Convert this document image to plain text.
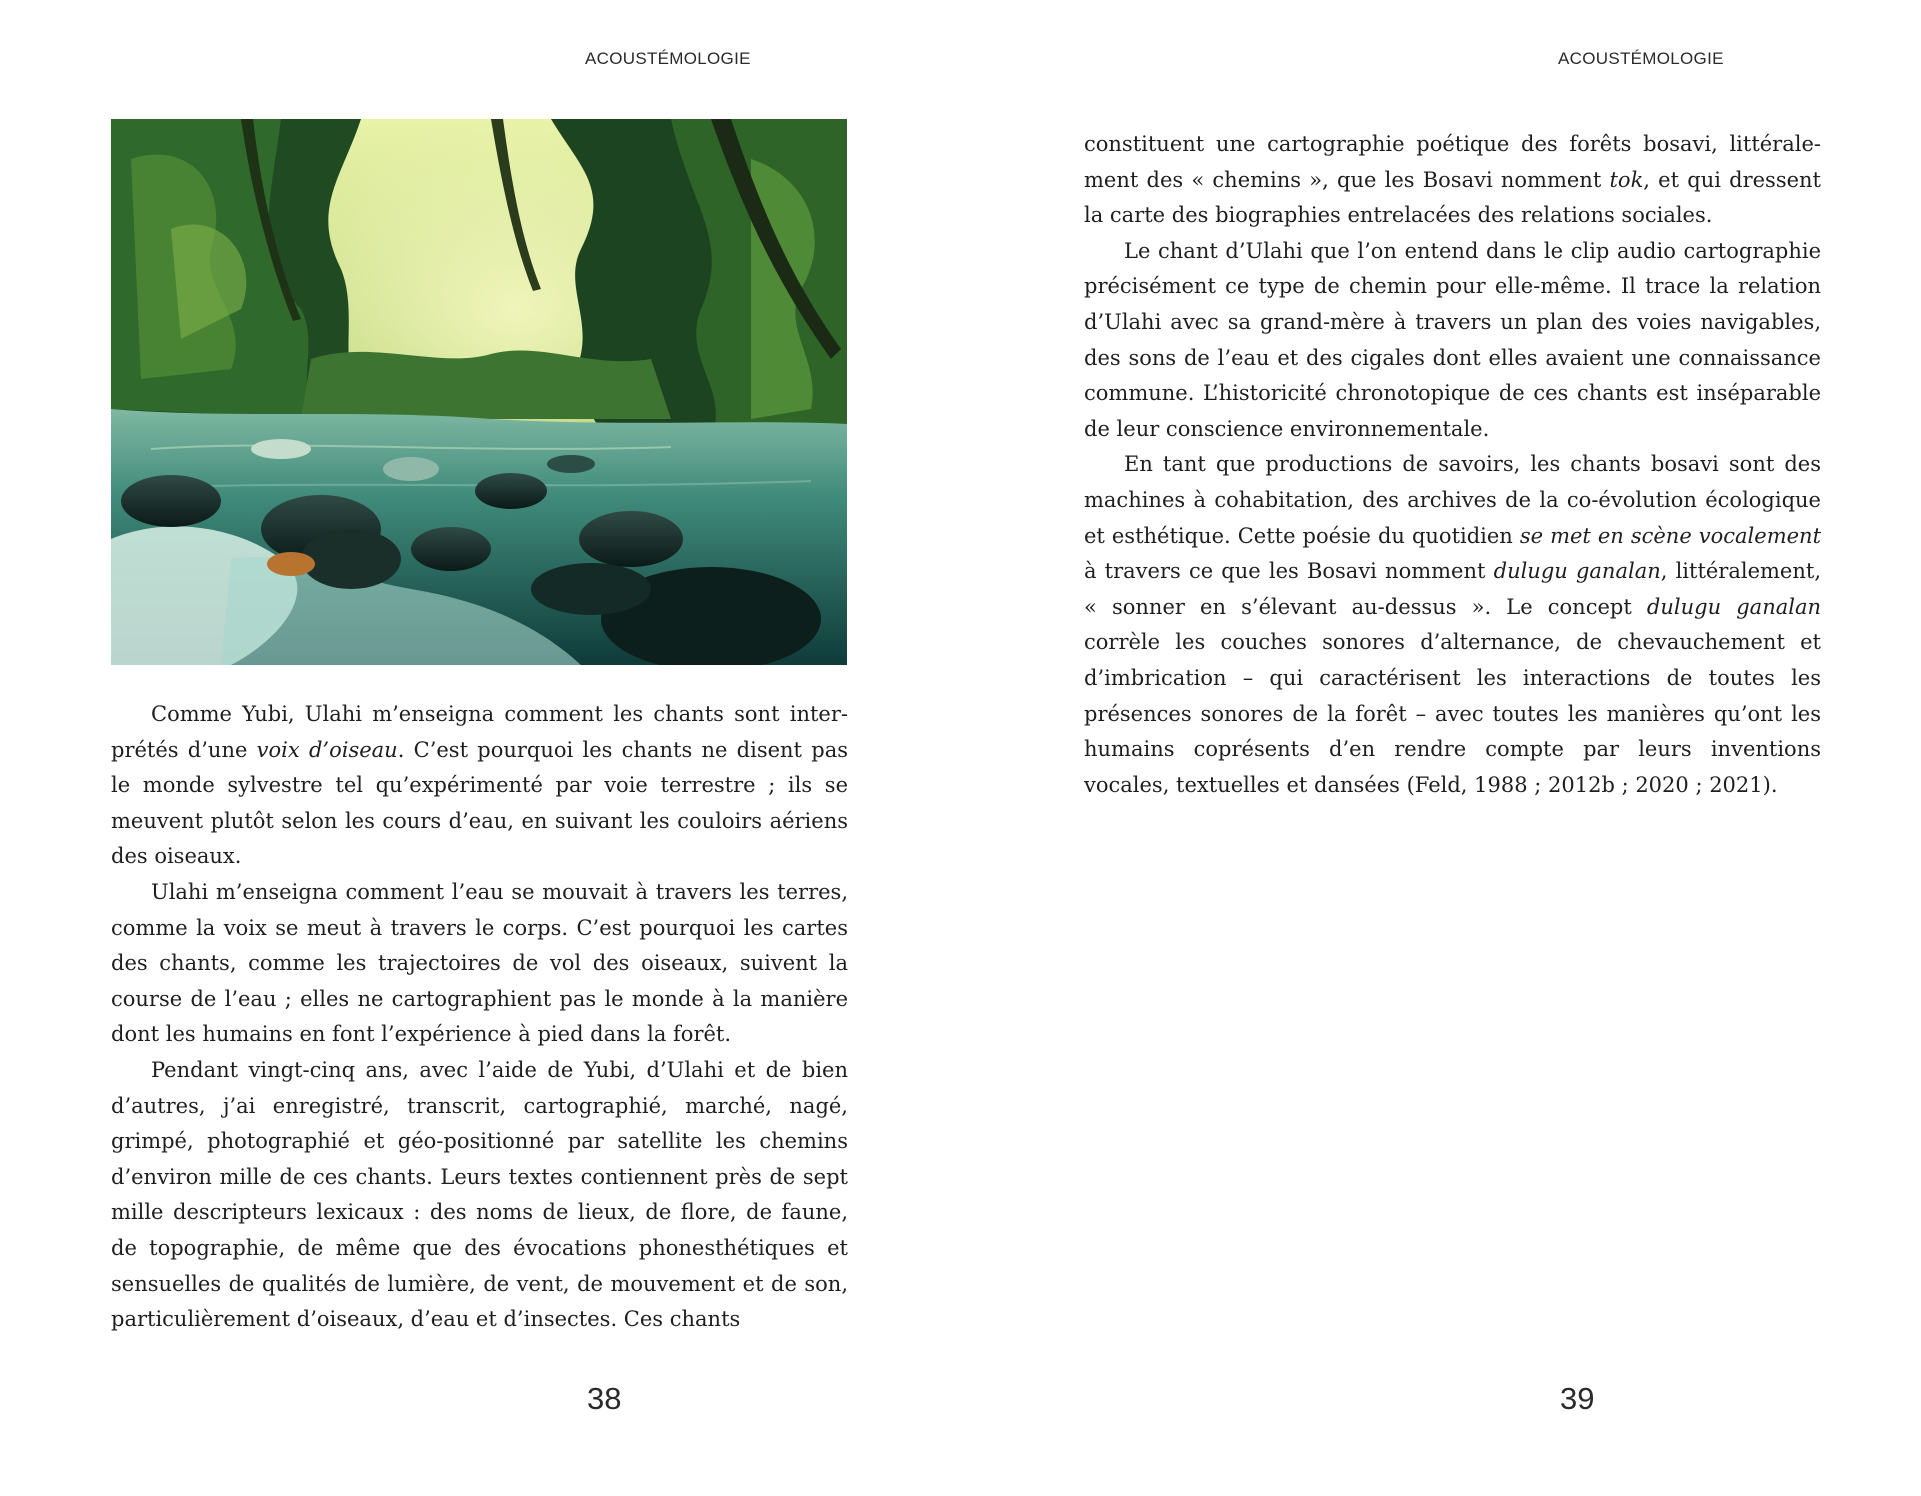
ACOUSTÉMOLOGIE

Comme Yubi, Ulahi m’enseigna comment les chants sont interprétés d’une voix d’oiseau. C’est pourquoi les chants ne disent pas le monde sylvestre tel qu’expérimenté par voie terrestre ; ils se meuvent plutôt selon les cours d’eau, en suivant les couloirs aériens des oiseaux.

Ulahi m’enseigna comment l’eau se mouvait à travers les terres, comme la voix se meut à travers le corps. C’est pourquoi les cartes des chants, comme les trajectoires de vol des oiseaux, suivent la course de l’eau ; elles ne cartographient pas le monde à la manière dont les humains en font l’expérience à pied dans la forêt.

Pendant vingt-cinq ans, avec l’aide de Yubi, d’Ulahi et de bien d’autres, j’ai enregistré, transcrit, cartographié, marché, nagé, grimpé, photographié et géo-positionné par satellite les chemins d’environ mille de ces chants. Leurs textes contiennent près de sept mille descripteurs lexicaux : des noms de lieux, de flore, de faune, de topographie, de même que des évocations phonesthétiques et sensuelles de qualités de lumière, de vent, de mouvement et de son, particulièrement d’oiseaux, d’eau et d’insectes. Ces chants

38
ACOUSTÉMOLOGIE

constituent une cartographie poétique des forêts bosavi, littéralement des « chemins », que les Bosavi nomment tok, et qui dressent la carte des biographies entrelacées des relations sociales.

Le chant d’Ulahi que l’on entend dans le clip audio cartographie précisément ce type de chemin pour elle-même. Il trace la relation d’Ulahi avec sa grand-mère à travers un plan des voies navigables, des sons de l’eau et des cigales dont elles avaient une connaissance commune. L’historicité chronotopique de ces chants est inséparable de leur conscience environnementale.

En tant que productions de savoirs, les chants bosavi sont des machines à cohabitation, des archives de la co-évolution écologique et esthétique. Cette poésie du quotidien se met en scène vocalement à travers ce que les Bosavi nomment dulugu ganalan, littéralement, « sonner en s’élevant au-dessus ». Le concept dulugu ganalan corrèle les couches sonores d’alternance, de chevauchement et d’imbrication – qui caractérisent les interactions de toutes les présences sonores de la forêt – avec toutes les manières qu’ont les humains coprésents d’en rendre compte par leurs inventions vocales, textuelles et dansées (Feld, 1988 ; 2012b ; 2020 ; 2021).

39
